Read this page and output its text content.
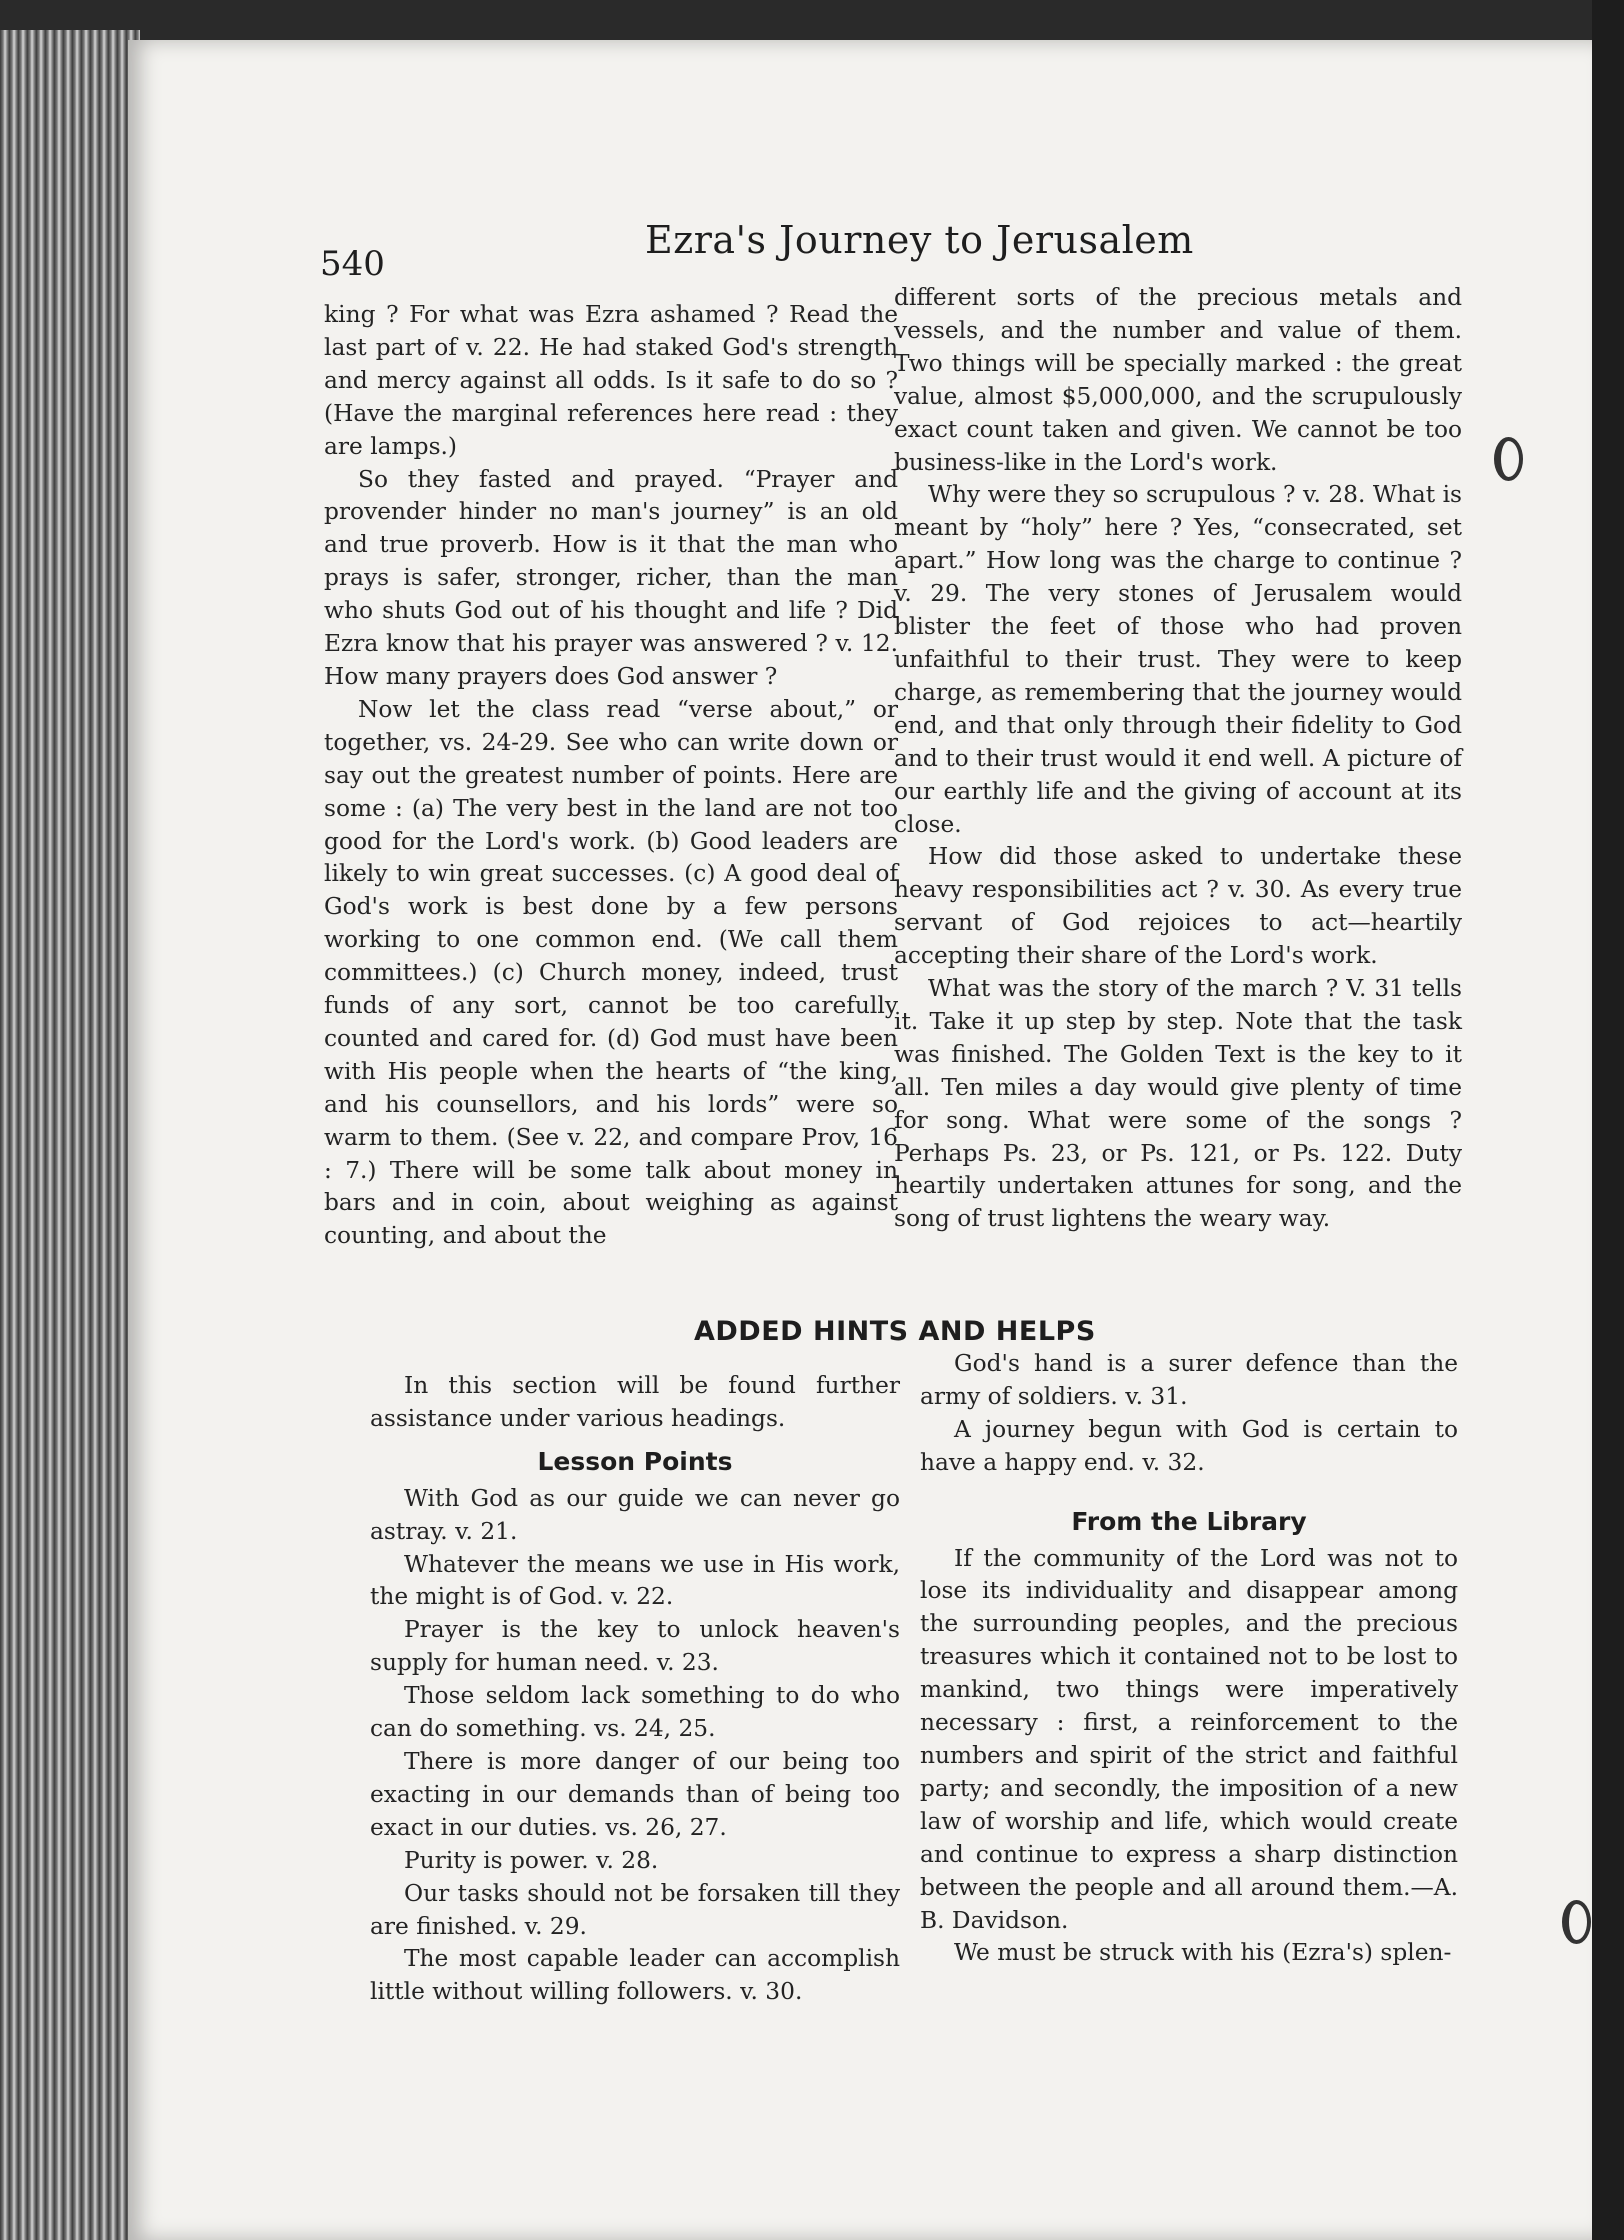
540
Ezra's Journey to Jerusalem

king ? For what was Ezra ashamed ? Read the last part of v. 22. He had staked God's strength and mercy against all odds. Is it safe to do so ? (Have the marginal references here read : they are lamps.)

So they fasted and prayed. “Prayer and provender hinder no man's journey” is an old and true proverb. How is it that the man who prays is safer, stronger, richer, than the man who shuts God out of his thought and life ? Did Ezra know that his prayer was answered ? v. 12. How many prayers does God answer ?

Now let the class read “verse about,” or together, vs. 24-29. See who can write down or say out the greatest number of points. Here are some : (a) The very best in the land are not too good for the Lord's work. (b) Good leaders are likely to win great successes. (c) A good deal of God's work is best done by a few persons working to one common end. (We call them committees.) (c) Church money, indeed, trust funds of any sort, cannot be too carefully counted and cared for. (d) God must have been with His people when the hearts of “the king, and his counsellors, and his lords” were so warm to them. (See v. 22, and compare Prov, 16 : 7.) There will be some talk about money in bars and in coin, about weighing as against counting, and about the

different sorts of the precious metals and vessels, and the number and value of them. Two things will be specially marked : the great value, almost $5,000,000, and the scrupulously exact count taken and given. We cannot be too business-like in the Lord's work.

Why were they so scrupulous ? v. 28. What is meant by “holy” here ? Yes, “consecrated, set apart.” How long was the charge to continue ? v. 29. The very stones of Jerusalem would blister the feet of those who had proven unfaithful to their trust. They were to keep charge, as remembering that the journey would end, and that only through their fidelity to God and to their trust would it end well. A picture of our earthly life and the giving of account at its close.

How did those asked to undertake these heavy responsibilities act ? v. 30. As every true servant of God rejoices to act—heartily accepting their share of the Lord's work.

What was the story of the march ? V. 31 tells it. Take it up step by step. Note that the task was finished. The Golden Text is the key to it all. Ten miles a day would give plenty of time for song. What were some of the songs ? Perhaps Ps. 23, or Ps. 121, or Ps. 122. Duty heartily undertaken attunes for song, and the song of trust lightens the weary way.

ADDED HINTS AND HELPS

In this section will be found further assistance under various headings.

Lesson Points

With God as our guide we can never go astray. v. 21.

Whatever the means we use in His work, the might is of God. v. 22.

Prayer is the key to unlock heaven's supply for human need. v. 23.

Those seldom lack something to do who can do something. vs. 24, 25.

There is more danger of our being too exacting in our demands than of being too exact in our duties. vs. 26, 27.

Purity is power. v. 28.

Our tasks should not be forsaken till they are finished. v. 29.

The most capable leader can accomplish little without willing followers. v. 30.

God's hand is a surer defence than the army of soldiers. v. 31.

A journey begun with God is certain to have a happy end. v. 32.

From the Library

If the community of the Lord was not to lose its individuality and disappear among the surrounding peoples, and the precious treasures which it contained not to be lost to mankind, two things were imperatively necessary : first, a reinforcement to the numbers and spirit of the strict and faithful party; and secondly, the imposition of a new law of worship and life, which would create and continue to express a sharp distinction between the people and all around them.—A. B. Davidson.

We must be struck with his (Ezra's) splen-
